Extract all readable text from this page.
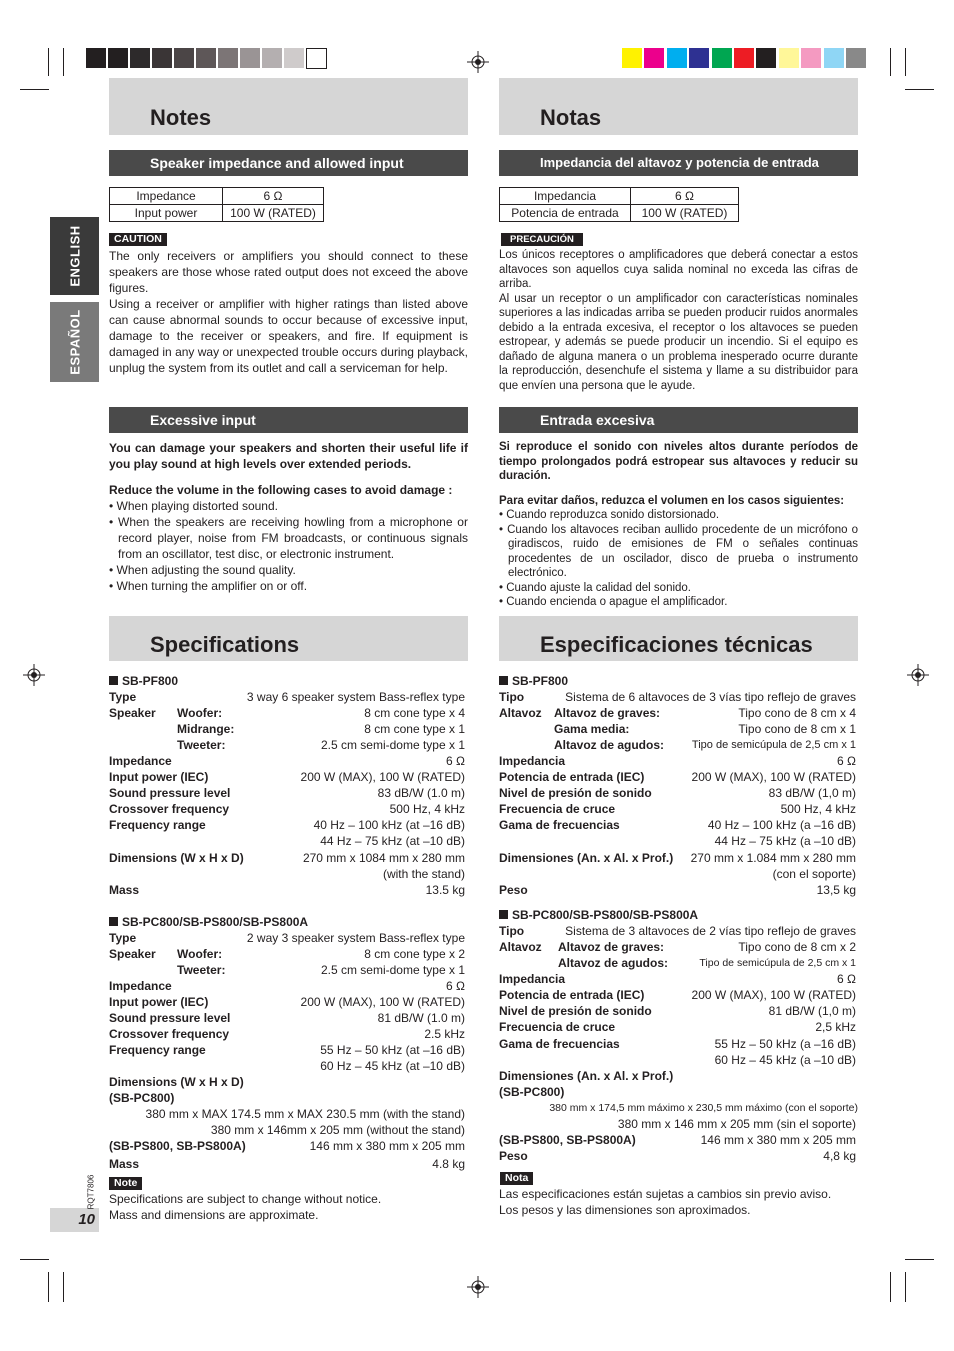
ENGLISH
ESPAÑOL
10
RQT7806
Notes
Speaker impedance and allowed input
Impedance	6 Ω
Input power	100 W (RATED)
CAUTION

The only receivers or amplifiers you should connect to these speakers are those whose rated output does not exceed the above figures.

Using a receiver or amplifier with higher ratings than listed above can cause abnormal sounds to occur because of excessive input, damage to the receiver or speakers, and fire. If equipment is damaged in any way or unexpected trouble occurs during playback, unplug the system from its outlet and call a serviceman for help.

Excessive input

You can damage your speakers and shorten their useful life if you play sound at high levels over extended periods.

Reduce the volume in the following cases to avoid damage :

• When playing distorted sound.
• When the speakers are receiving howling from a microphone or record player, noise from FM broadcasts, or continuous signals from an oscillator, test disc, or electronic instrument.
• When adjusting the sound quality.
• When turning the amplifier on or off.
Specifications
SB-PF800
Type	3 way 6 speaker system Bass-reflex type
Speaker Woofer:	8 cm cone type x 4
Midrange:	8 cm cone type x 1
Tweeter:	2.5 cm semi-dome type x 1
Impedance	6 Ω
Input power (IEC)	200 W (MAX), 100 W (RATED)
Sound pressure level	83 dB/W (1.0 m)
Crossover frequency	500 Hz, 4 kHz
Frequency range	40 Hz – 100 kHz (at –16 dB)
44 Hz – 75 kHz (at –10 dB)
Dimensions (W x H x D)	270 mm x 1084 mm x 280 mm
(with the stand)
Mass	13.5 kg
SB-PC800/SB-PS800/SB-PS800A
Type	2 way 3 speaker system Bass-reflex type
Speaker Woofer:	8 cm cone type x 2
Tweeter:	2.5 cm semi-dome type x 1
Impedance	6 Ω
Input power (IEC)	200 W (MAX), 100 W (RATED)
Sound pressure level	81 dB/W (1.0 m)
Crossover frequency	2.5 kHz
Frequency range	55 Hz – 50 kHz (at –16 dB)
60 Hz – 45 kHz (at –10 dB)
Dimensions (W x H x D)
(SB-PC800)
380 mm x MAX 174.5 mm x MAX 230.5 mm (with the stand)
380 mm x 146mm x 205 mm (without the stand)
(SB-PS800, SB-PS800A)	146 mm x 380 mm x 205 mm
Mass	4.8 kg
Note

Specifications are subject to change without notice.

Mass and dimensions are approximate.

Notas
Impedancia del altavoz y potencia de entrada
Impedancia	6 Ω
Potencia de entrada	100 W (RATED)
PRECAUCIÓN

Los únicos receptores o amplificadores que deberá conectar a estos altavoces son aquellos cuya salida nominal no exceda las cifras de arriba.

Al usar un receptor o un amplificador con características nominales superiores a las indicadas arriba se pueden producir ruidos anormales debido a la entrada excesiva, el receptor o los altavoces se pueden estropear, y además se puede producir un incendio. Si el equipo es dañado de alguna manera o un problema inesperado ocurre durante la reproducción, desenchufe el sistema y llame a su distribuidor para que envíen una persona que le ayude.

Entrada excesiva

Si reproduce el sonido con niveles altos durante períodos de tiempo prolongados podrá estropear sus altavoces y reducir su duración.

Para evitar daños, reduzca el volumen en los casos siguientes:

• Cuando reproduzca sonido distorsionado.
• Cuando los altavoces reciban aullido procedente de un micrófono o giradiscos, ruido de emisiones de FM o señales continuas procedentes de un oscilador, disco de prueba o instrumento electrónico.
• Cuando ajuste la calidad del sonido.
• Cuando encienda o apague el amplificador.
Especificaciones técnicas
SB-PF800
Tipo	Sistema de 6 altavoces de 3 vías tipo reflejo de graves
Altavoz Altavoz de graves:	Tipo cono de 8 cm x 4
Gama media:	Tipo cono de 8 cm x 1
Altavoz de agudos:	Tipo de semicúpula de 2,5 cm x 1
Impedancia	6 Ω
Potencia de entrada (IEC)	200 W (MAX), 100 W (RATED)
Nivel de presión de sonido	83 dB/W (1,0 m)
Frecuencia de cruce	500 Hz, 4 kHz
Gama de frecuencias	40 Hz – 100 kHz (a –16 dB)
44 Hz – 75 kHz (a –10 dB)
Dimensiones (An. x Al. x Prof.) 270 mm x 1.084 mm x 280 mm
(con el soporte)
Peso	13,5 kg
SB-PC800/SB-PS800/SB-PS800A
Tipo	Sistema de 3 altavoces de 2 vías tipo reflejo de graves
Altavoz Altavoz de graves:	Tipo cono de 8 cm x 2
Altavoz de agudos:	Tipo de semicúpula de 2,5 cm x 1
Impedancia	6 Ω
Potencia de entrada (IEC)	200 W (MAX), 100 W (RATED)
Nivel de presión de sonido	81 dB/W (1,0 m)
Frecuencia de cruce	2,5 kHz
Gama de frecuencias	55 Hz – 50 kHz (a –16 dB)
60 Hz – 45 kHz (a –10 dB)
Dimensiones (An. x Al. x Prof.)
(SB-PC800)
380 mm x 174,5 mm máximo x 230,5 mm máximo (con el soporte)
380 mm x 146 mm x 205 mm (sin el soporte)
(SB-PS800, SB-PS800A)	146 mm x 380 mm x 205 mm
Peso	4,8 kg
Nota

Las especificaciones están sujetas a cambios sin previo aviso.

Los pesos y las dimensiones son aproximados.
